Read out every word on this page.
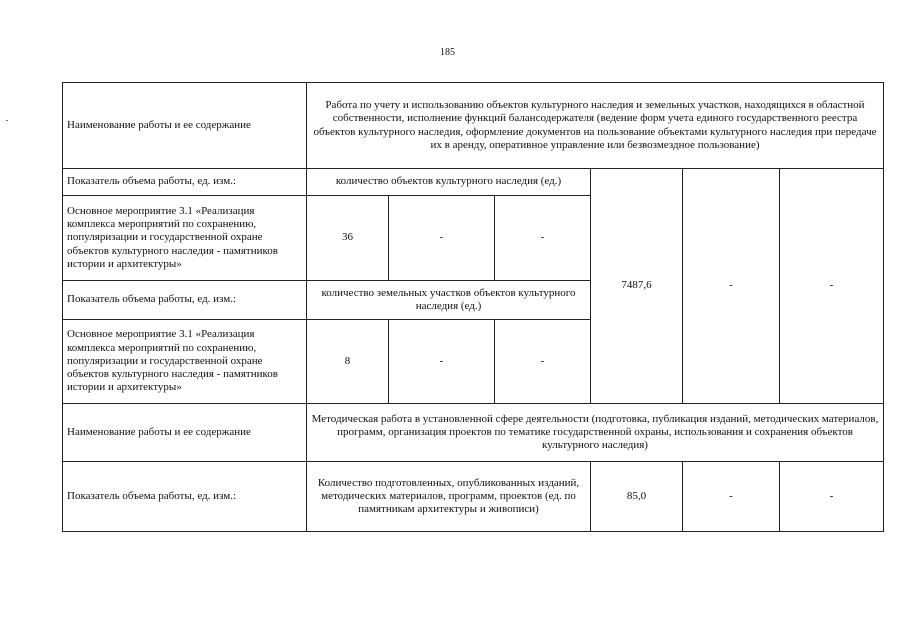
185
Наименование работы и ее содержание	Работа по учету и использованию объектов культурного наследия и земельных участков, находящихся в областной собственности, исполнение функций балансодержателя (ведение форм учета единого государственного реестра объектов культурного наследия, оформление документов на пользование объектами культурного наследия при передаче их в аренду, оперативное управление или безвозмездное пользование)					
Показатель объема работы, ед. изм.:	количество объектов культурного наследия (ед.)			7487,6	-	-
Основное мероприятие 3.1 «Реализация комплекса мероприятий по сохранению, популяризации и государственной охране объектов культурного наследия - памятников истории и архитектуры»	36	-	-			
Показатель объема работы, ед. изм.:	количество земельных участков объектов культурного наследия (ед.)					
Основное мероприятие 3.1 «Реализация комплекса мероприятий по сохранению, популяризации и государственной охране объектов культурного наследия - памятников истории и архитектуры»	8	-	-			
Наименование работы и ее содержание	Методическая работа в установленной сфере деятельности (подготовка, публикация изданий, методических материалов, программ, организация проектов по тематике государственной охраны, использования и сохранения объектов культурного наследия)					
Показатель объема работы, ед. изм.:	Количество подготовленных, опубликованных изданий, методических материалов, программ, проектов (ед. по памятникам архитектуры и живописи)			85,0	-	-
